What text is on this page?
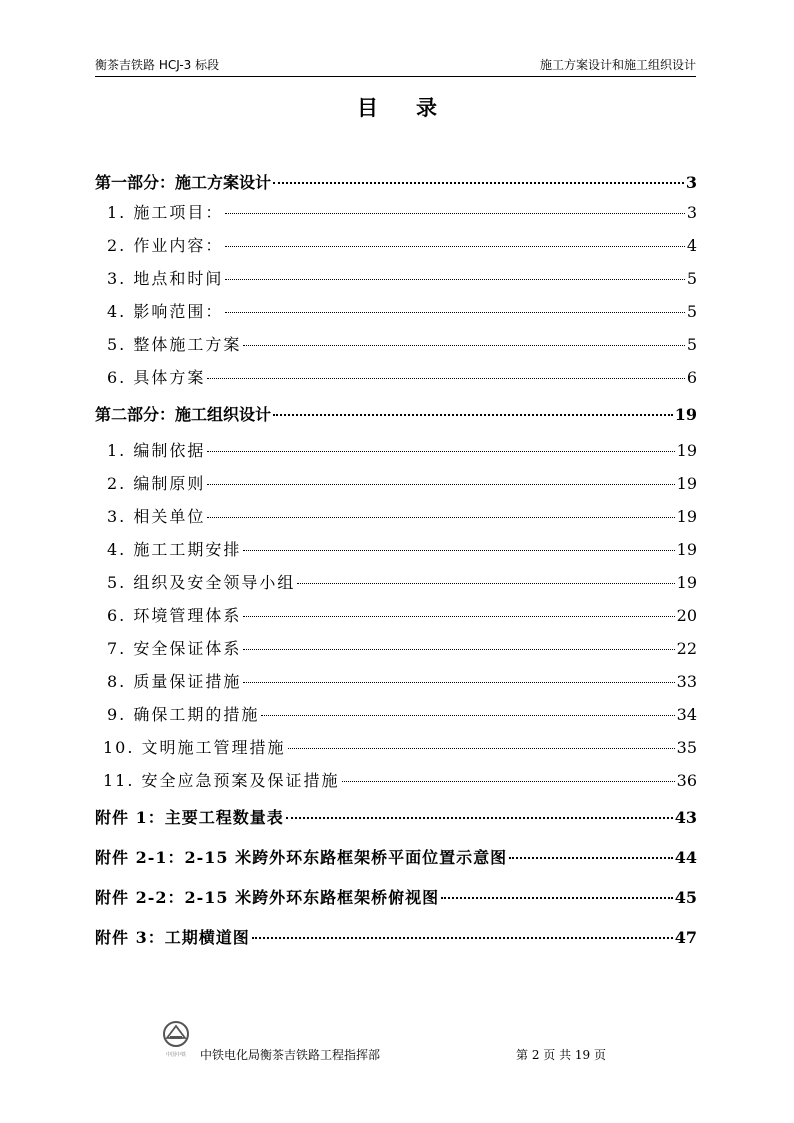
衡茶吉铁路 HCJ-3 标段	施工方案设计和施工组织设计
目录
第一部分：施工方案设计	3
1. 施工项目：	3
2. 作业内容：	4
3. 地点和时间	5
4. 影响范围：	5
5. 整体施工方案	5
6. 具体方案	6
第二部分：施工组织设计	19
1. 编制依据	19
2. 编制原则	19
3. 相关单位	19
4. 施工工期安排	19
5. 组织及安全领导小组	19
6. 环境管理体系	20
7. 安全保证体系	22
8. 质量保证措施	33
9. 确保工期的措施	34
10. 文明施工管理措施	35
11. 安全应急预案及保证措施	36
附件 1：主要工程数量表	43
附件 2-1：2-15 米跨外环东路框架桥平面位置示意图	44
附件 2-2：2-15 米跨外环东路框架桥俯视图	45
附件 3：工期横道图	47
中国中铁 中铁电化局衡茶吉铁路工程指挥部	第 2 页 共 19 页
